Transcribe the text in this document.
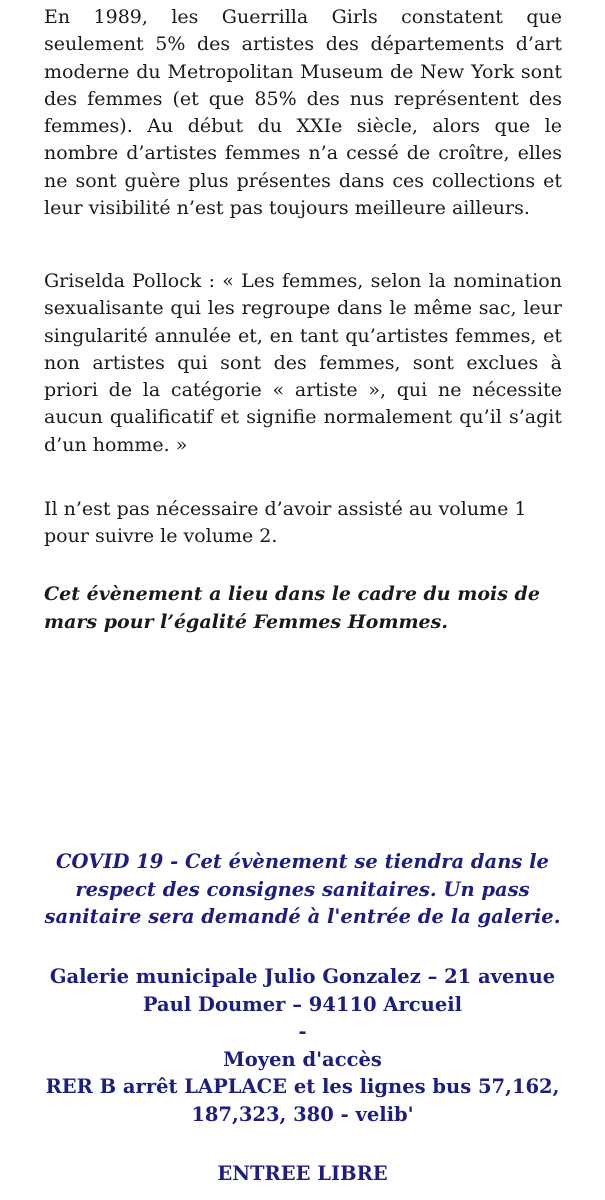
En 1989, les Guerrilla Girls constatent que seulement 5% des artistes des départements d’art moderne du Metropolitan Museum de New York sont des femmes (et que 85% des nus représentent des femmes). Au début du XXIe siècle, alors que le nombre d’artistes femmes n’a cessé de croître, elles ne sont guère plus présentes dans ces collections et leur visibilité n’est pas toujours meilleure ailleurs.

Griselda Pollock : « Les femmes, selon la nomination sexualisante qui les regroupe dans le même sac, leur singularité annulée et, en tant qu’artistes femmes, et non artistes qui sont des femmes, sont exclues à priori de la catégorie « artiste », qui ne nécessite aucun qualificatif et signifie normalement qu’il s’agit d’un homme. »

Il n’est pas nécessaire d’avoir assisté au volume 1 pour suivre le volume 2.

Cet évènement a lieu dans le cadre du mois de mars pour l’égalité Femmes Hommes.

COVID 19 - Cet évènement se tiendra dans le
respect des consignes sanitaires. Un pass
sanitaire sera demandé à l'entrée de la galerie.
Galerie municipale Julio Gonzalez – 21 avenue
Paul Doumer – 94110 Arcueil
-
Moyen d'accès
RER B arrêt LAPLACE et les lignes bus 57,162,
187,323, 380 - velib'
ENTREE LIBRE
